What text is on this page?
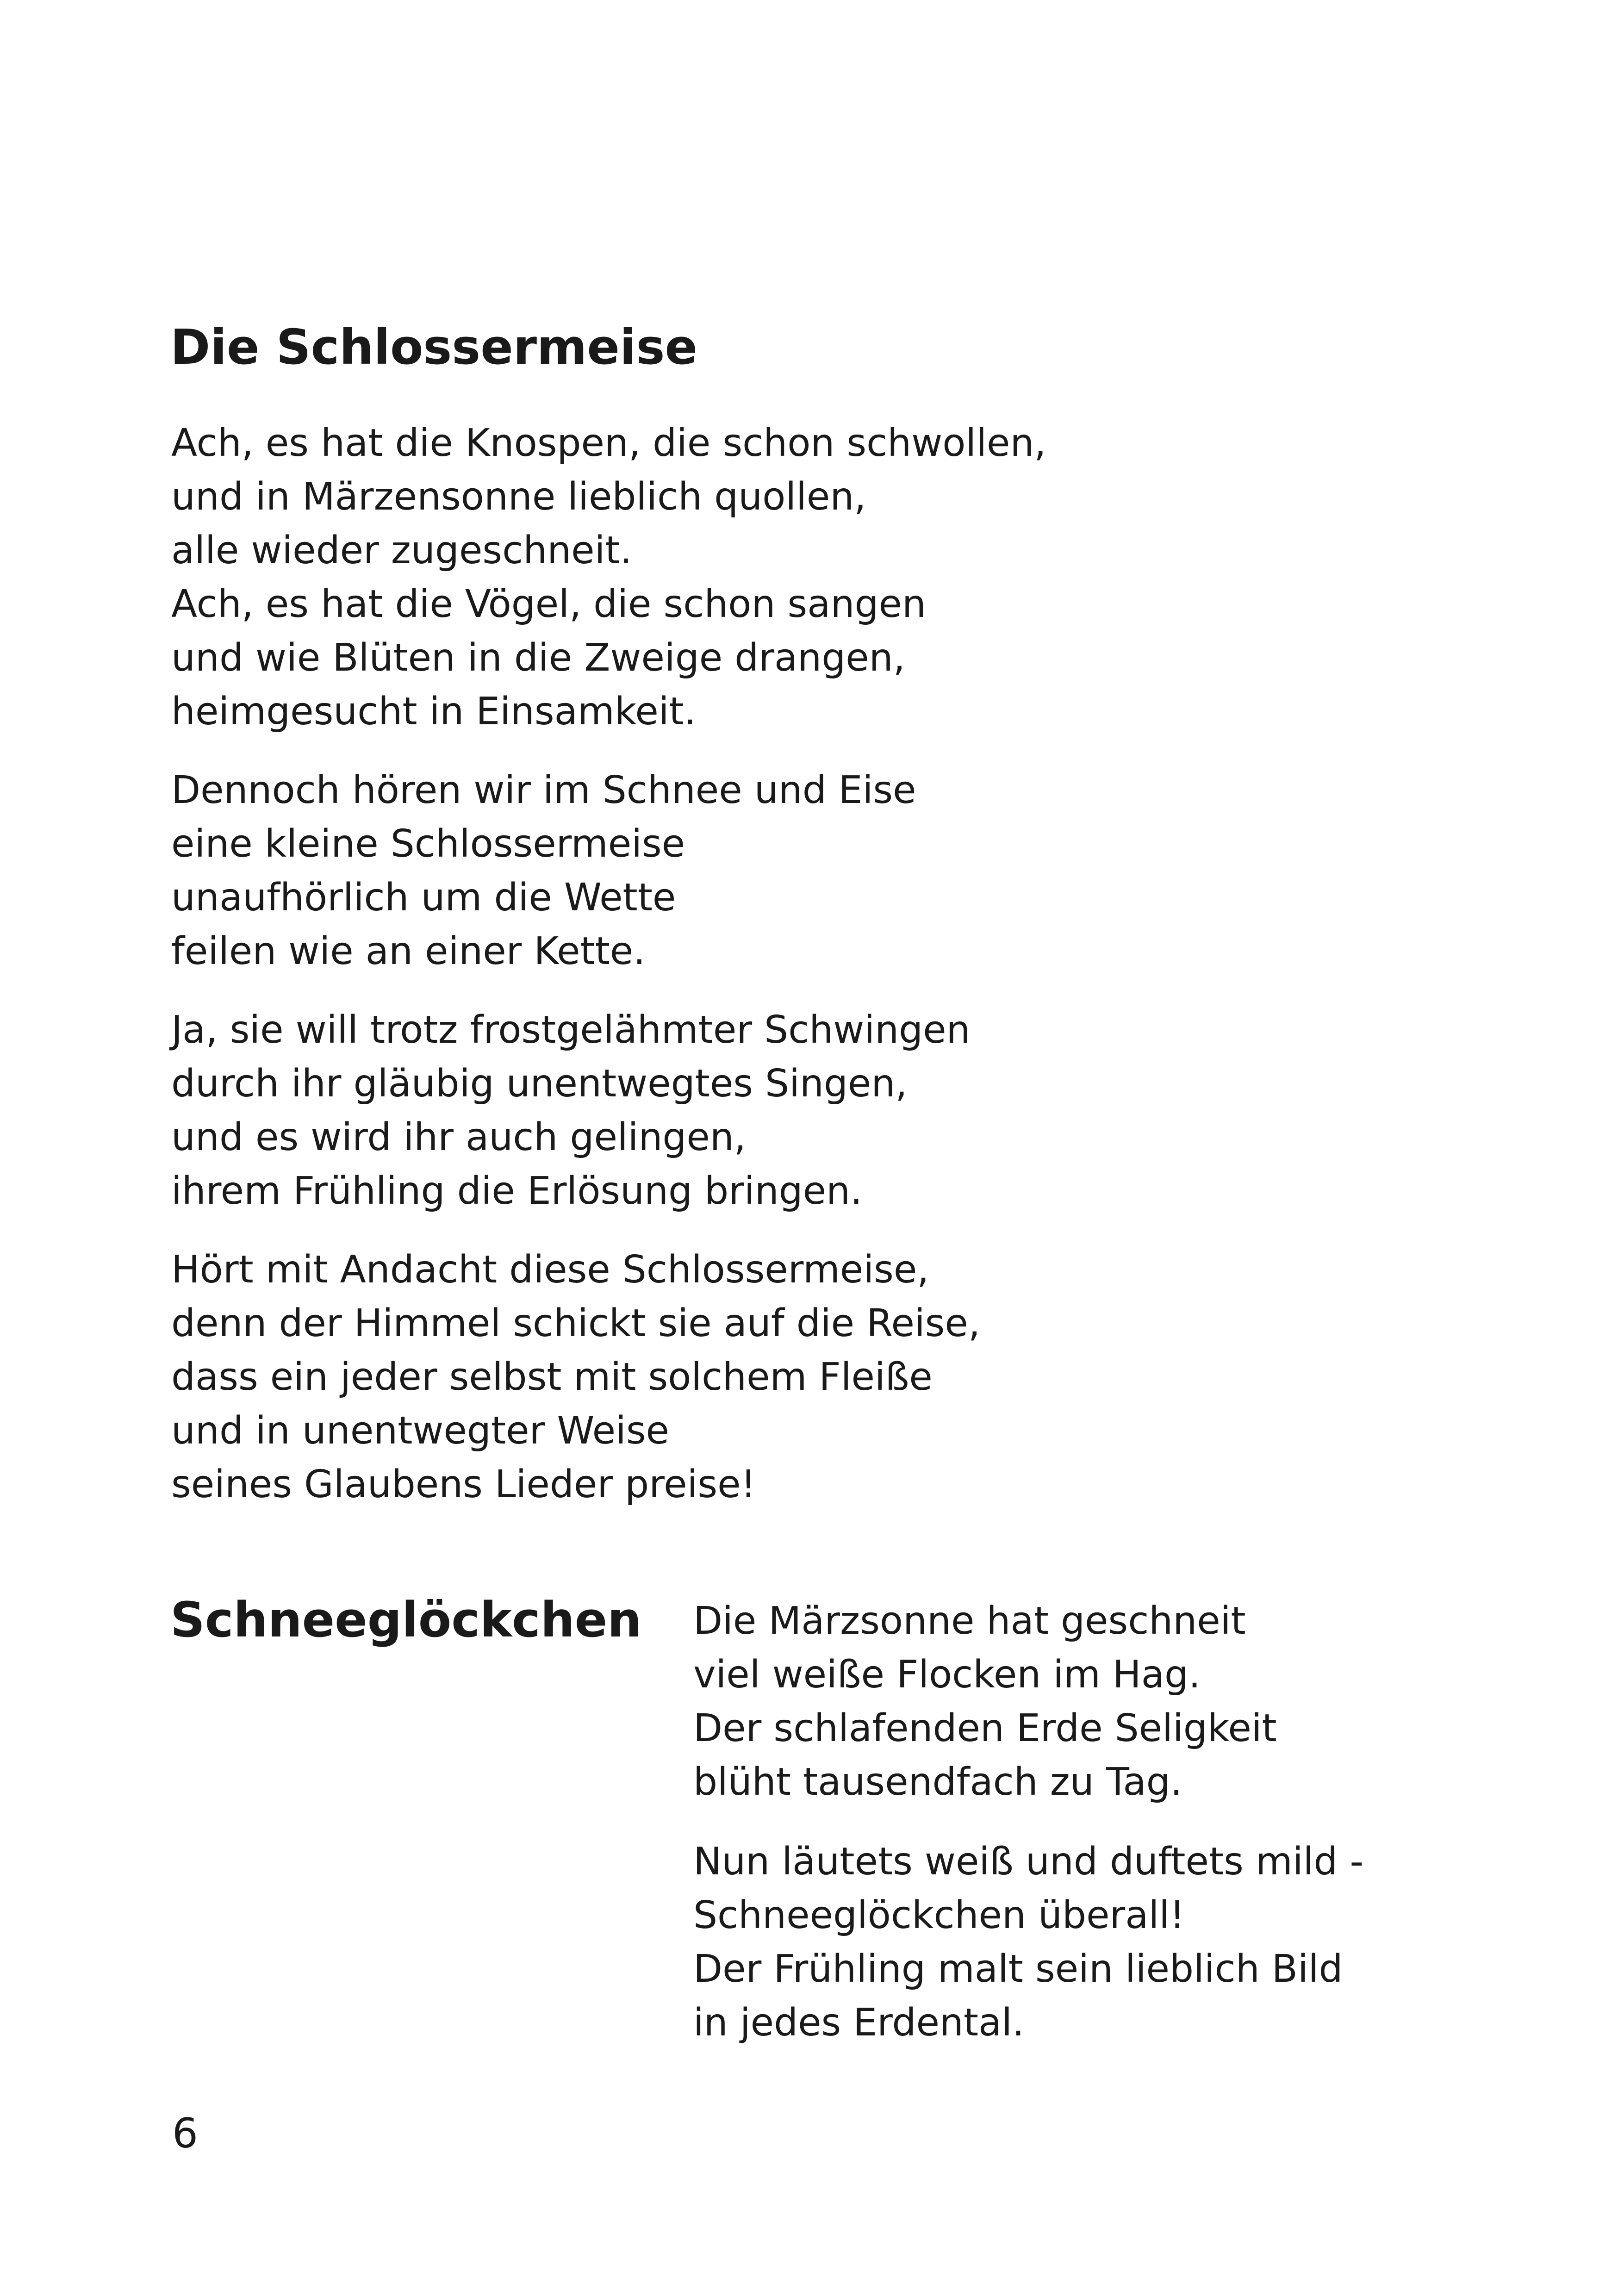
Die Schlossermeise

Ach, es hat die Knospen, die schon schwollen,
und in Märzensonne lieblich quollen,
alle wieder zugeschneit.
Ach, es hat die Vögel, die schon sangen
und wie Blüten in die Zweige drangen,
heimgesucht in Einsamkeit.

Dennoch hören wir im Schnee und Eise
eine kleine Schlossermeise
unaufhörlich um die Wette
feilen wie an einer Kette.

Ja, sie will trotz frostgelähmter Schwingen
durch ihr gläubig unentwegtes Singen,
und es wird ihr auch gelingen,
ihrem Frühling die Erlösung bringen.

Hört mit Andacht diese Schlossermeise,
denn der Himmel schickt sie auf die Reise,
dass ein jeder selbst mit solchem Fleiße
und in unentwegter Weise
seines Glaubens Lieder preise!

Schneeglöckchen Die Märzsonne hat geschneit
viel weiße Flocken im Hag.
Der schlafenden Erde Seligkeit
blüht tausendfach zu Tag.

Nun läutets weiß und duftets mild -
Schneeglöckchen überall!
Der Frühling malt sein lieblich Bild
in jedes Erdental.

6
